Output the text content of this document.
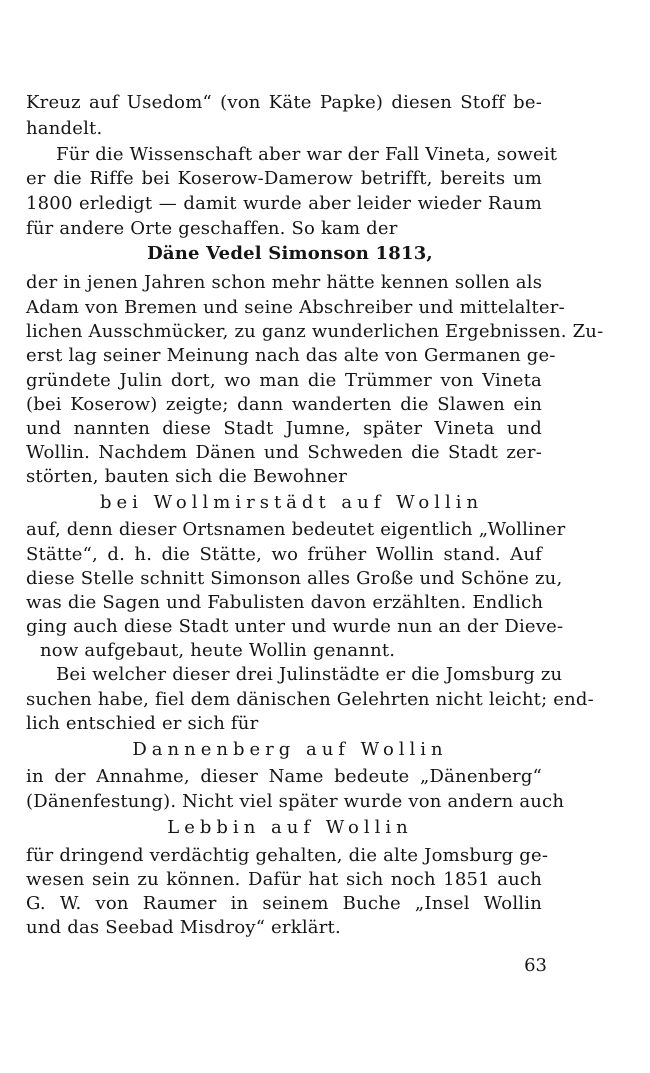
Kreuz auf Usedom“ (von Käte Papke) diesen Stoff be-
handelt.
Für die Wissenschaft aber war der Fall Vineta, soweit
er die Riffe bei Koserow-Damerow betrifft, bereits um
1800 erledigt — damit wurde aber leider wieder Raum
für andere Orte geschaffen. So kam der
Däne Vedel Simonson 1813,
der in jenen Jahren schon mehr hätte kennen sollen als
Adam von Bremen und seine Abschreiber und mittelalter-
lichen Ausschmücker, zu ganz wunderlichen Ergebnissen. Zu-
erst lag seiner Meinung nach das alte von Germanen ge-
gründete Julin dort, wo man die Trümmer von Vineta
(bei Koserow) zeigte; dann wanderten die Slawen ein
und nannten diese Stadt Jumne, später Vineta und
Wollin. Nachdem Dänen und Schweden die Stadt zer-
störten, bauten sich die Bewohner
bei Wollmirstädt auf Wollin
auf, denn dieser Ortsnamen bedeutet eigentlich „Wolliner
Stätte“, d. h. die Stätte, wo früher Wollin stand. Auf
diese Stelle schnitt Simonson alles Große und Schöne zu,
was die Sagen und Fabulisten davon erzählten. Endlich
ging auch diese Stadt unter und wurde nun an der Dieve-
now aufgebaut, heute Wollin genannt.
Bei welcher dieser drei Julinstädte er die Jomsburg zu
suchen habe, fiel dem dänischen Gelehrten nicht leicht; end-
lich entschied er sich für
Dannenberg auf Wollin
in der Annahme, dieser Name bedeute „Dänenberg“
(Dänenfestung). Nicht viel später wurde von andern auch
Lebbin auf Wollin
für dringend verdächtig gehalten, die alte Jomsburg ge-
wesen sein zu können. Dafür hat sich noch 1851 auch
G. W. von Raumer in seinem Buche „Insel Wollin
und das Seebad Misdroy“ erklärt.
63
